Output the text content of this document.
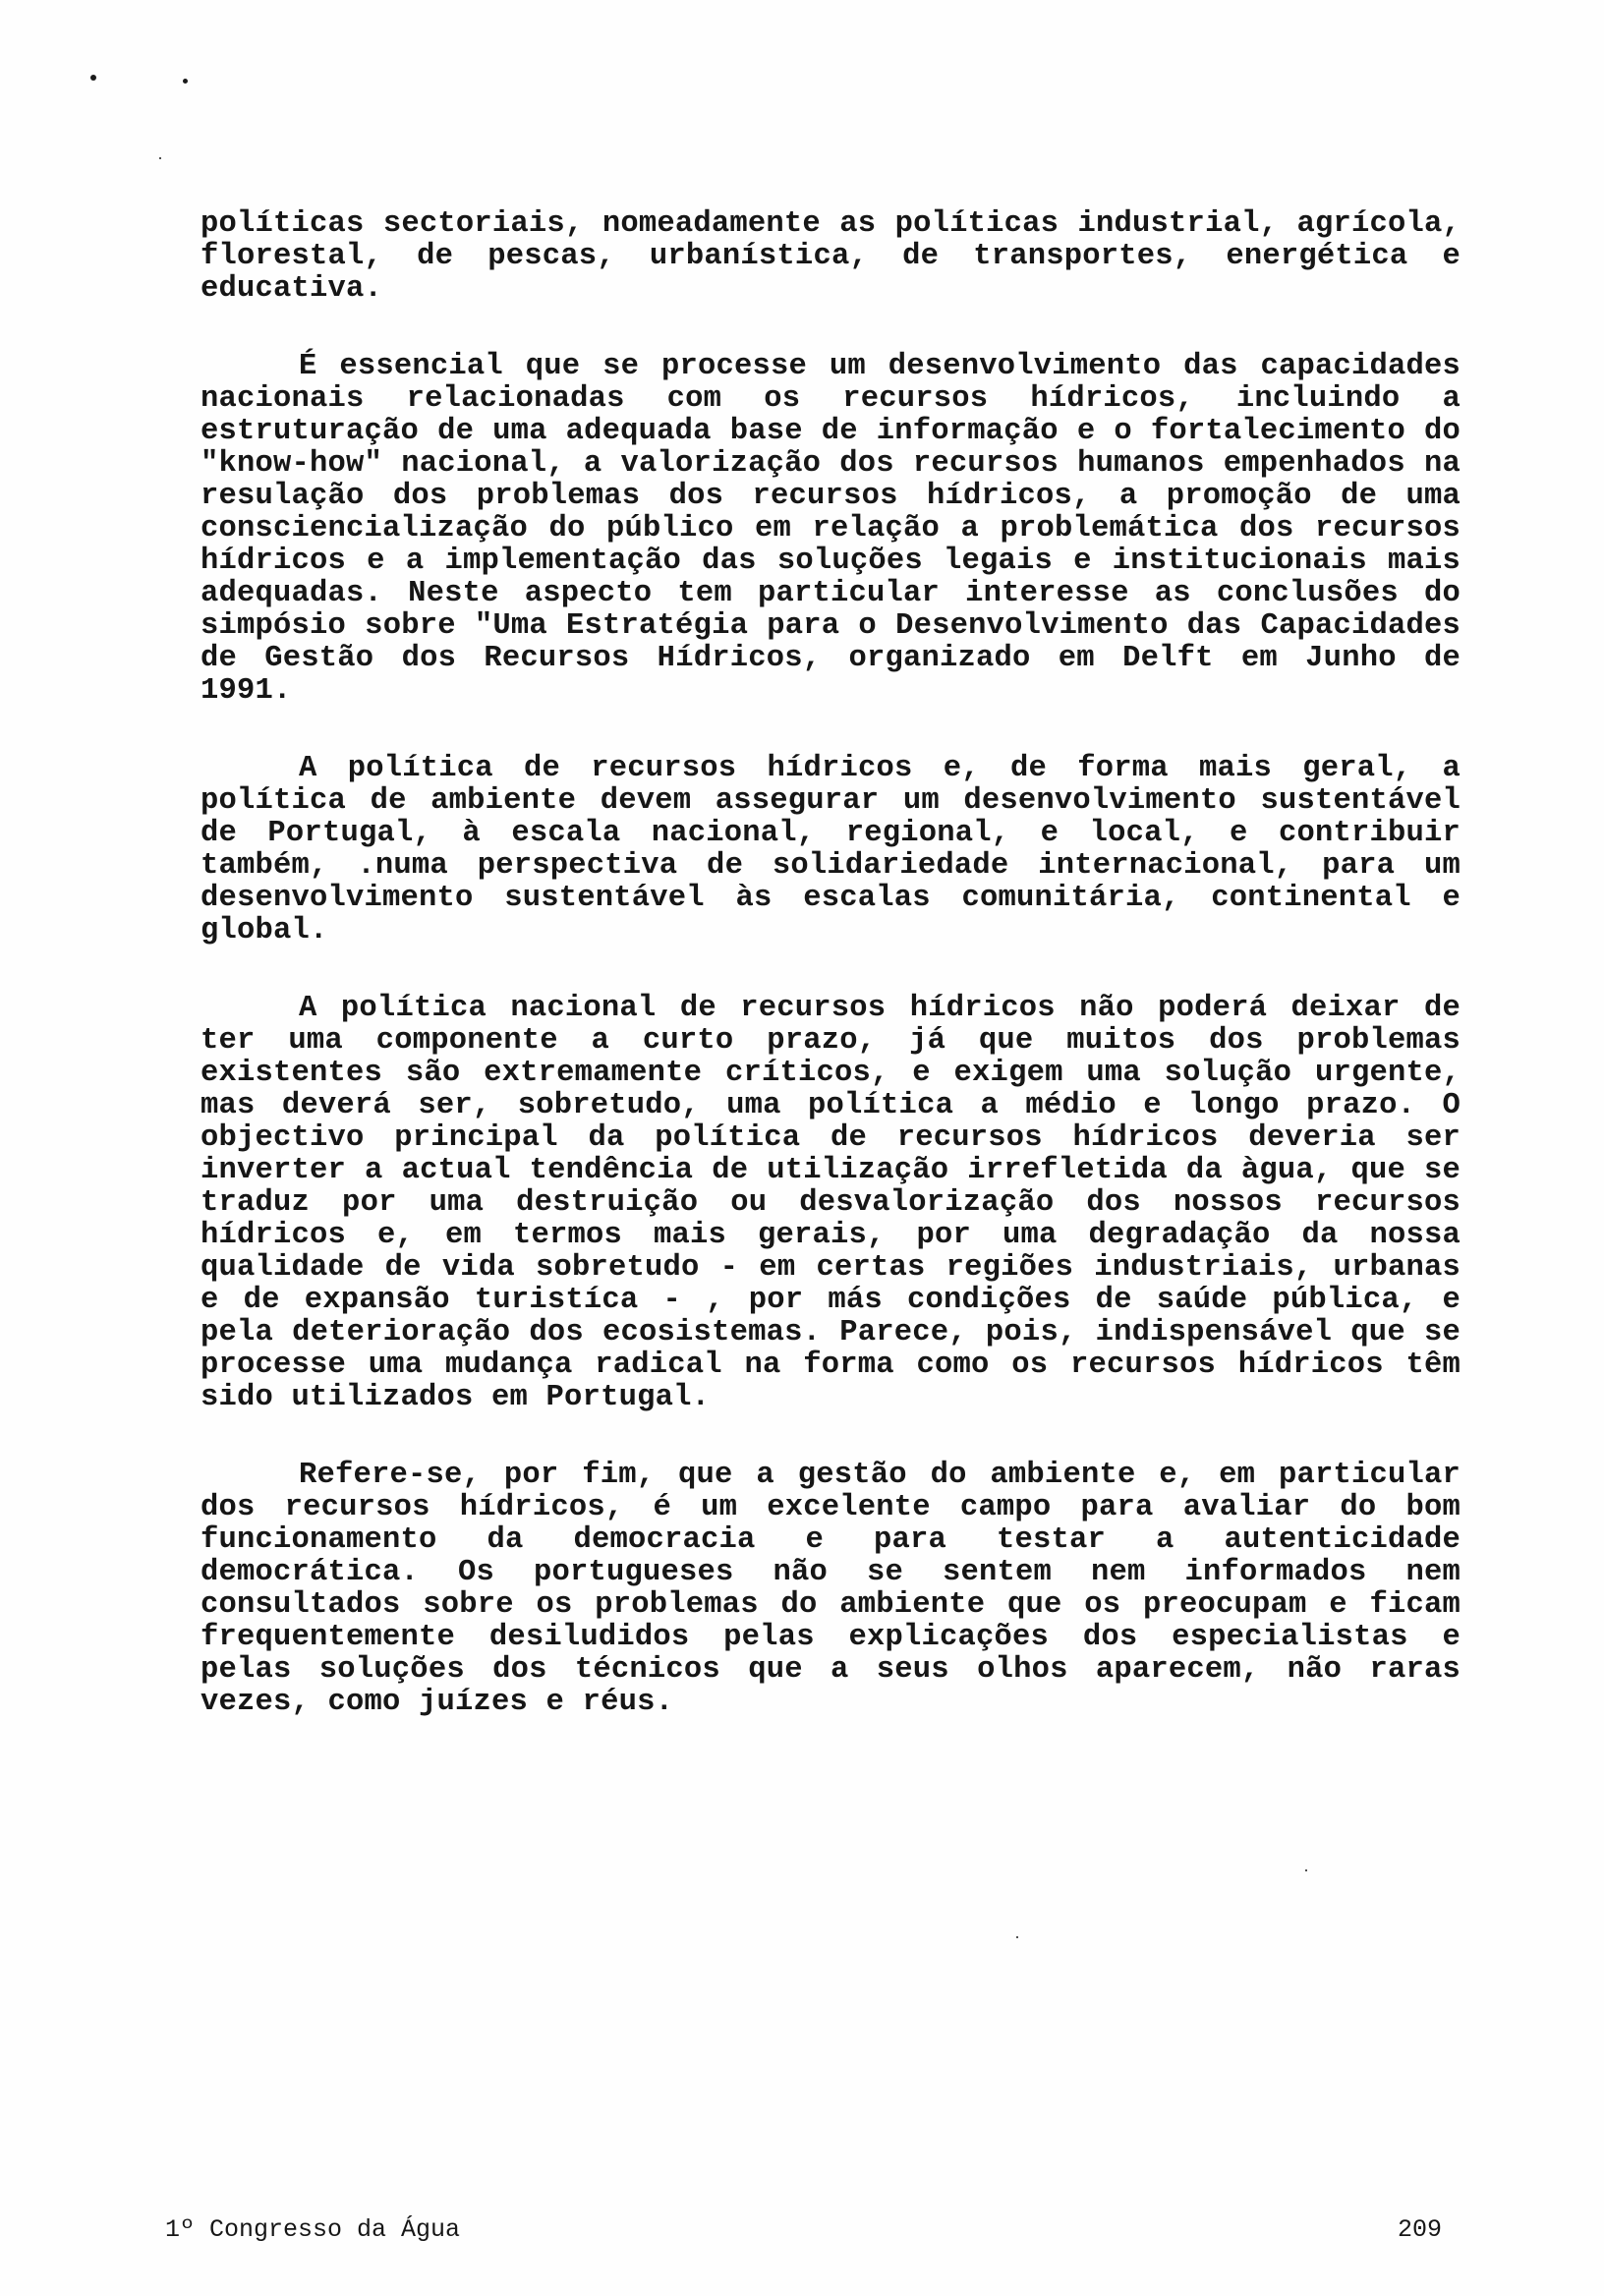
políticas sectoriais, nomeadamente as políticas industrial, agrícola, florestal, de pescas, urbanística, de transportes, energética e educativa.

É essencial que se processe um desenvolvimento das capacidades nacionais relacionadas com os recursos hídricos, incluindo a estruturação de uma adequada base de informação e o fortalecimento do "know-how" nacional, a valorização dos recursos humanos empenhados na resulação dos problemas dos recursos hídricos, a promoção de uma consciencialização do público em relação a problemática dos recursos hídricos e a implementação das soluções legais e institucionais mais adequadas. Neste aspecto tem particular interesse as conclusões do simpósio sobre "Uma Estratégia para o Desenvolvimento das Capacidades de Gestão dos Recursos Hídricos, organizado em Delft em Junho de 1991.

A política de recursos hídricos e, de forma mais geral, a política de ambiente devem assegurar um desenvolvimento sustentável de Portugal, à escala nacional, regional, e local, e contribuir também, .numa perspectiva de solidariedade internacional, para um desenvolvimento sustentável às escalas comunitária, continental e global.

A política nacional de recursos hídricos não poderá deixar de ter uma componente a curto prazo, já que muitos dos problemas existentes são extremamente críticos, e exigem uma solução urgente, mas deverá ser, sobretudo, uma política a médio e longo prazo. O objectivo principal da política de recursos hídricos deveria ser inverter a actual tendência de utilização irrefletida da àgua, que se traduz por uma destruição ou desvalorização dos nossos recursos hídricos e, em termos mais gerais, por uma degradação da nossa qualidade de vida sobretudo - em certas regiões industriais, urbanas e de expansão turistíca - , por más condições de saúde pública, e pela deterioração dos ecosistemas. Parece, pois, indispensável que se processe uma mudança radical na forma como os recursos hídricos têm sido utilizados em Portugal.

Refere-se, por fim, que a gestão do ambiente e, em particular dos recursos hídricos, é um excelente campo para avaliar do bom funcionamento da democracia e para testar a autenticidade democrática. Os portugueses não se sentem nem informados nem consultados sobre os problemas do ambiente que os preocupam e ficam frequentemente desiludidos pelas explicações dos especialistas e pelas soluções dos técnicos que a seus olhos aparecem, não raras vezes, como juízes e réus.

1º Congresso da Água	209
